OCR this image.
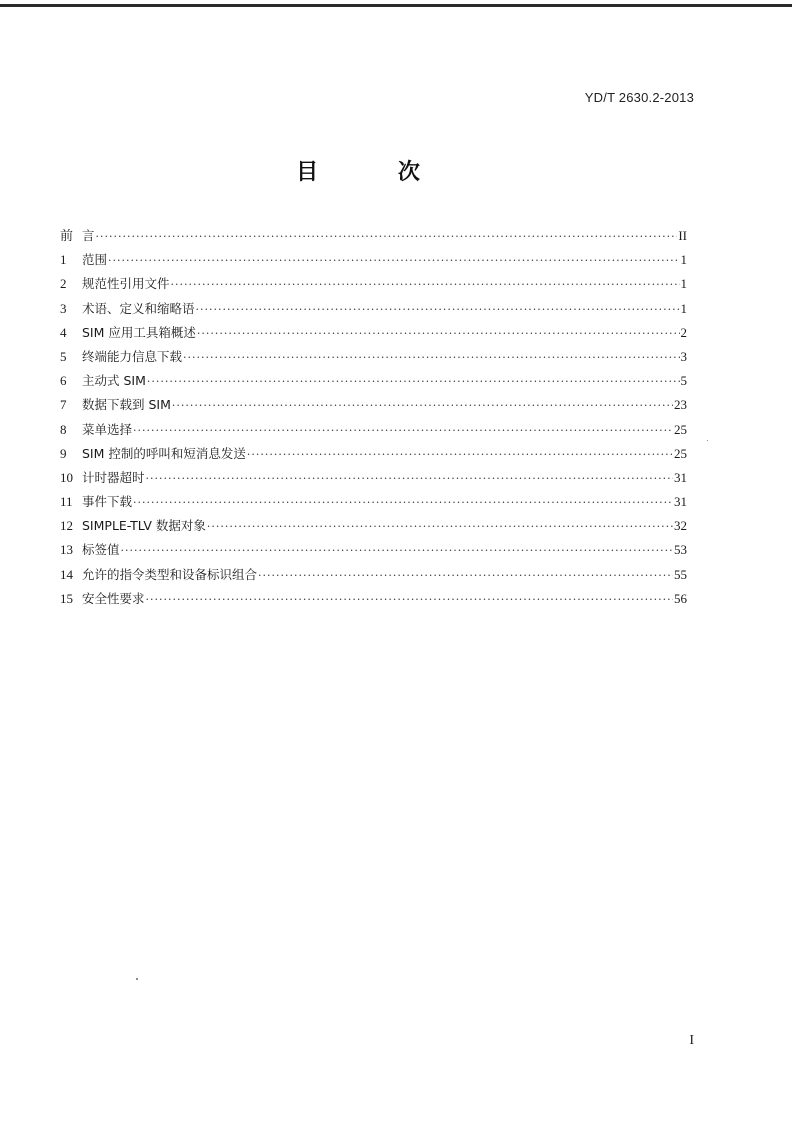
YD/T 2630.2-2013
目 次
前 言 ·····	II
1	范围 ·····	1
2	规范性引用文件 ·····	1
3	术语、定义和缩略语 ·····	1
4	SIM 应用工具箱概述 ·····	2
5	终端能力信息下载 ·····	3
6	主动式 SIM ·····	5
7	数据下载到 SIM ·····	23
8	菜单选择 ·····	25
9	SIM 控制的呼叫和短消息发送 ·····	25
10 计时器超时 ·····	31
11 事件下载 ·····	31
12 SIMPLE-TLV 数据对象 ·····	32
13 标签值 ·····	53
14 允许的指令类型和设备标识组合 ·····	55
15 安全性要求 ·····	56
I
